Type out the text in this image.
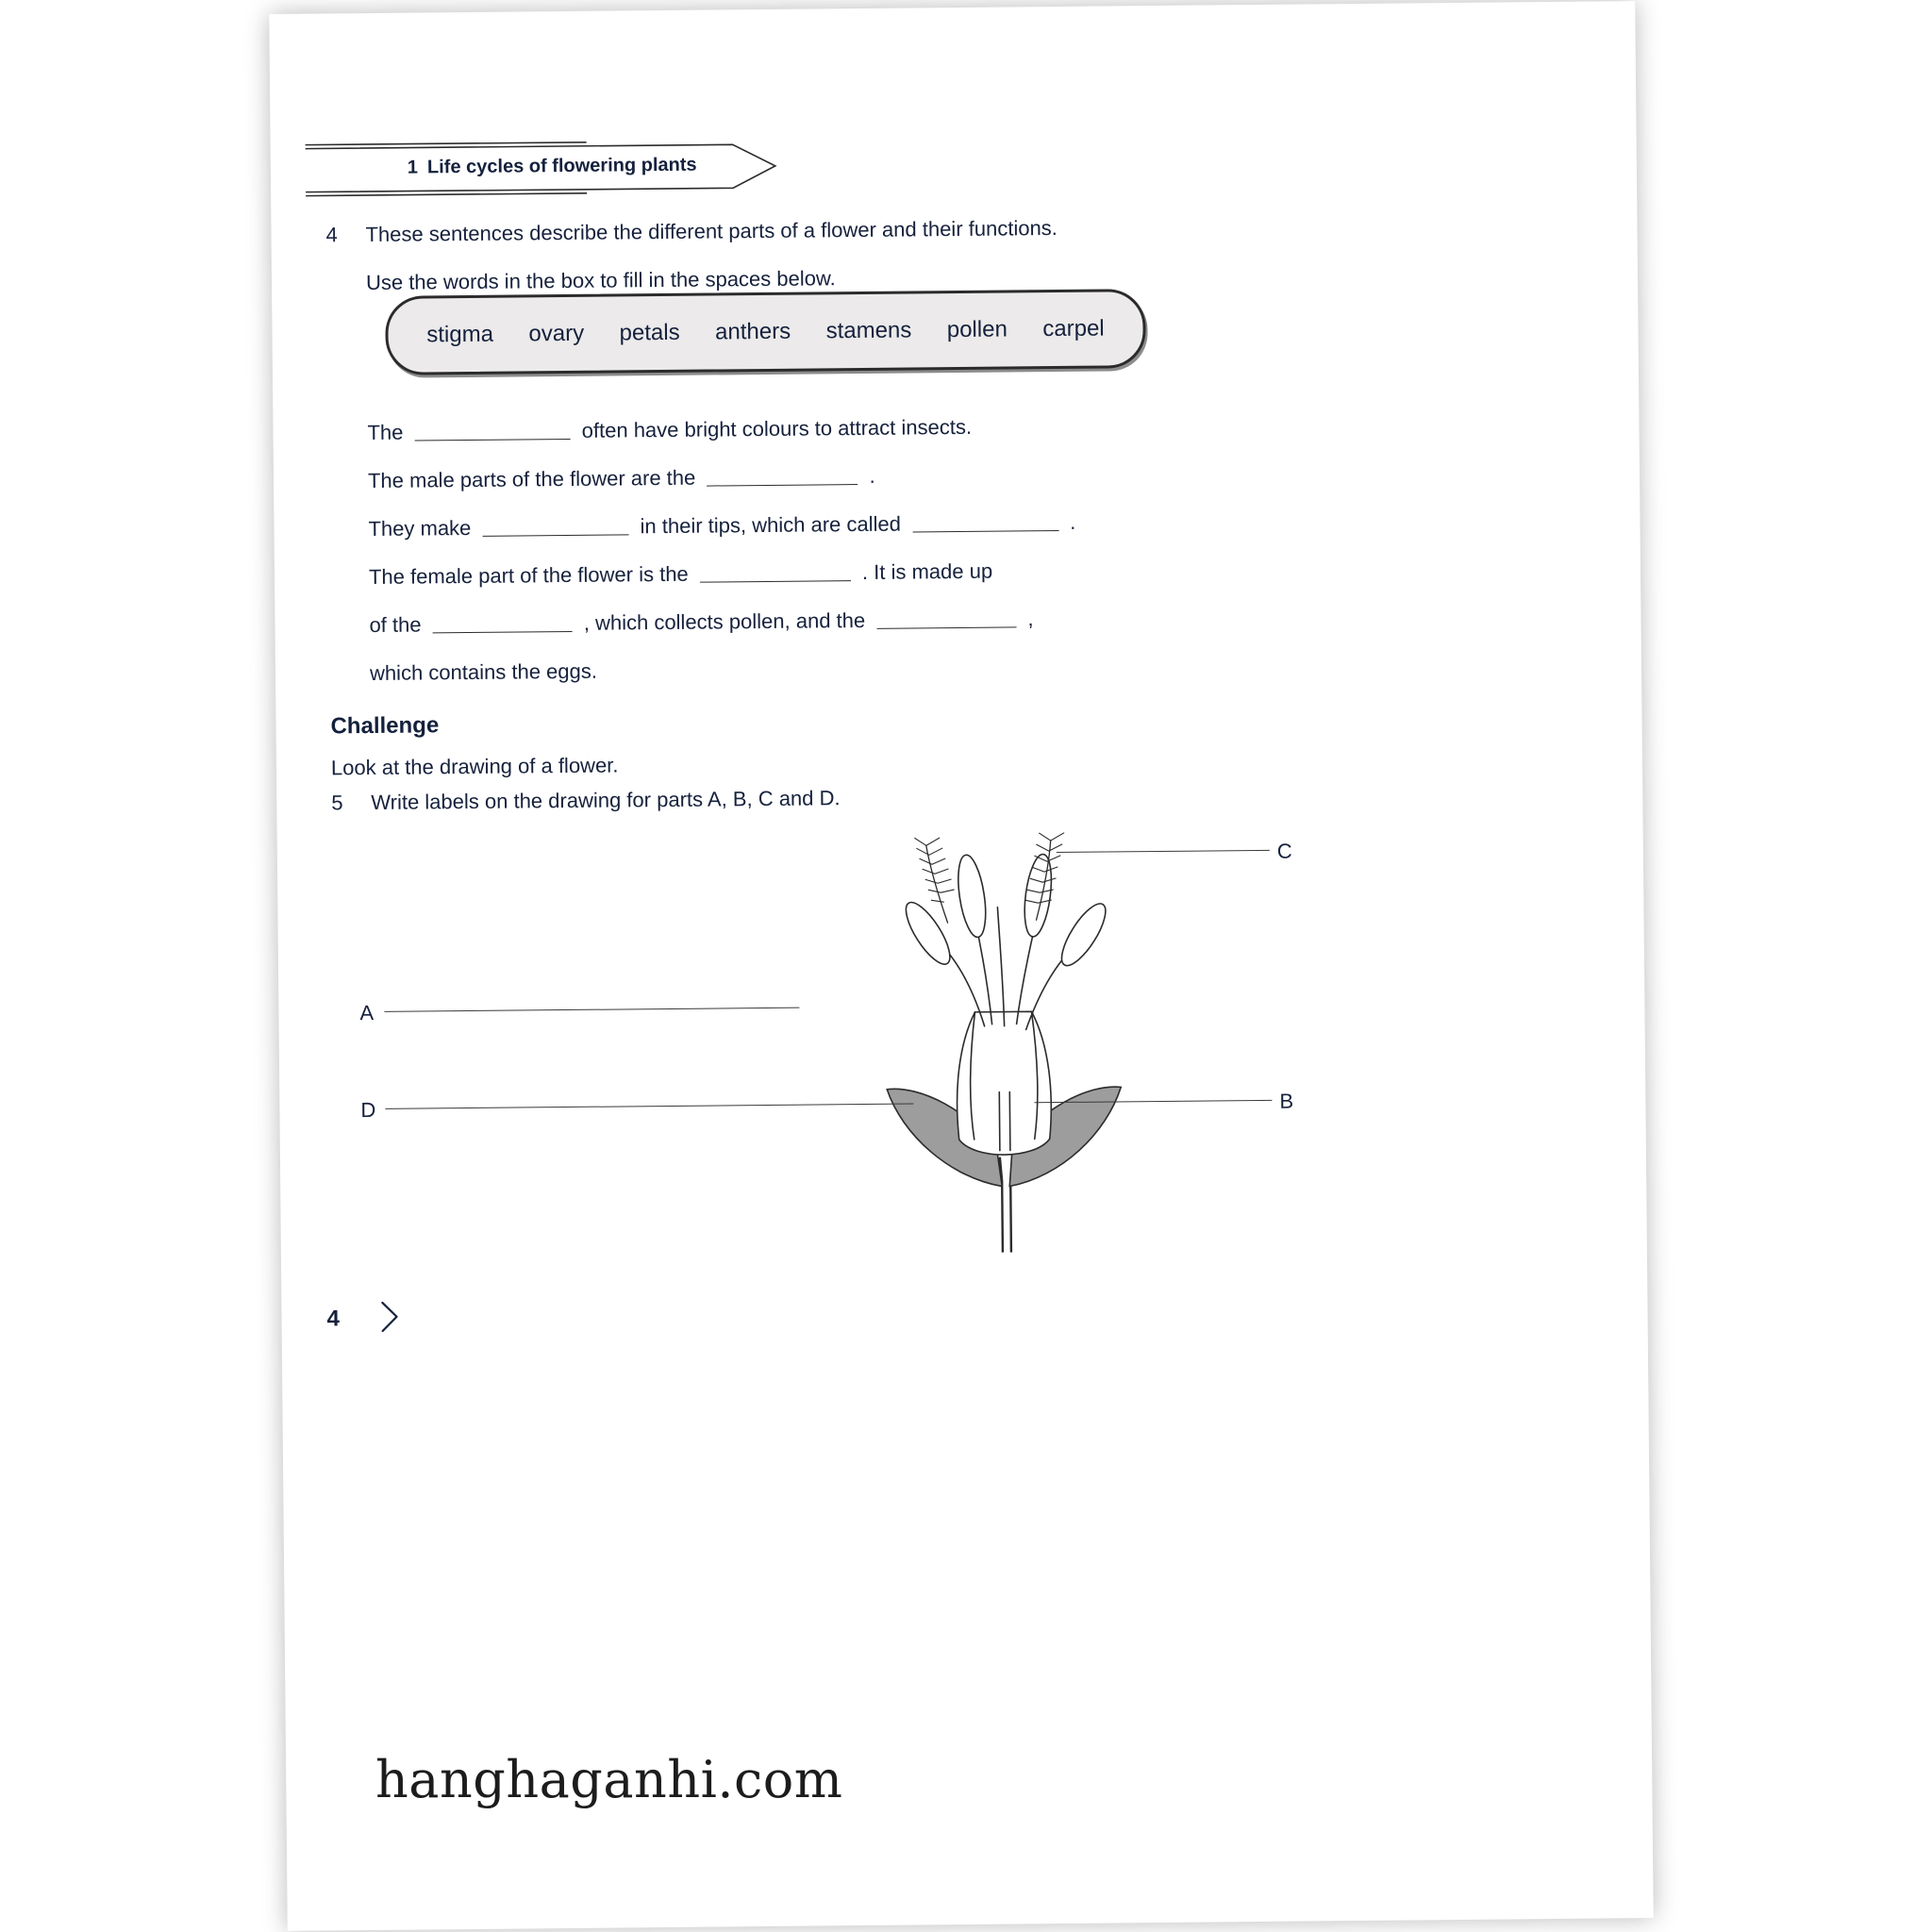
1 Life cycles of flowering plants
4 These sentences describe the different parts of a flower and their functions.
Use the words in the box to fill in the spaces below.
stigma ovary petals anthers stamens pollen carpel
The	often have bright colours to attract insects.
The male parts of the flower are the	.
They make	in their tips, which are called	.
The female part of the flower is the	. It is made up
of the	, which collects pollen, and the	,
which contains the eggs.
Challenge
Look at the drawing of a flower.
5 Write labels on the drawing for parts A, B, C and D.
A
D
C
B
4
hanghaganhi.com
